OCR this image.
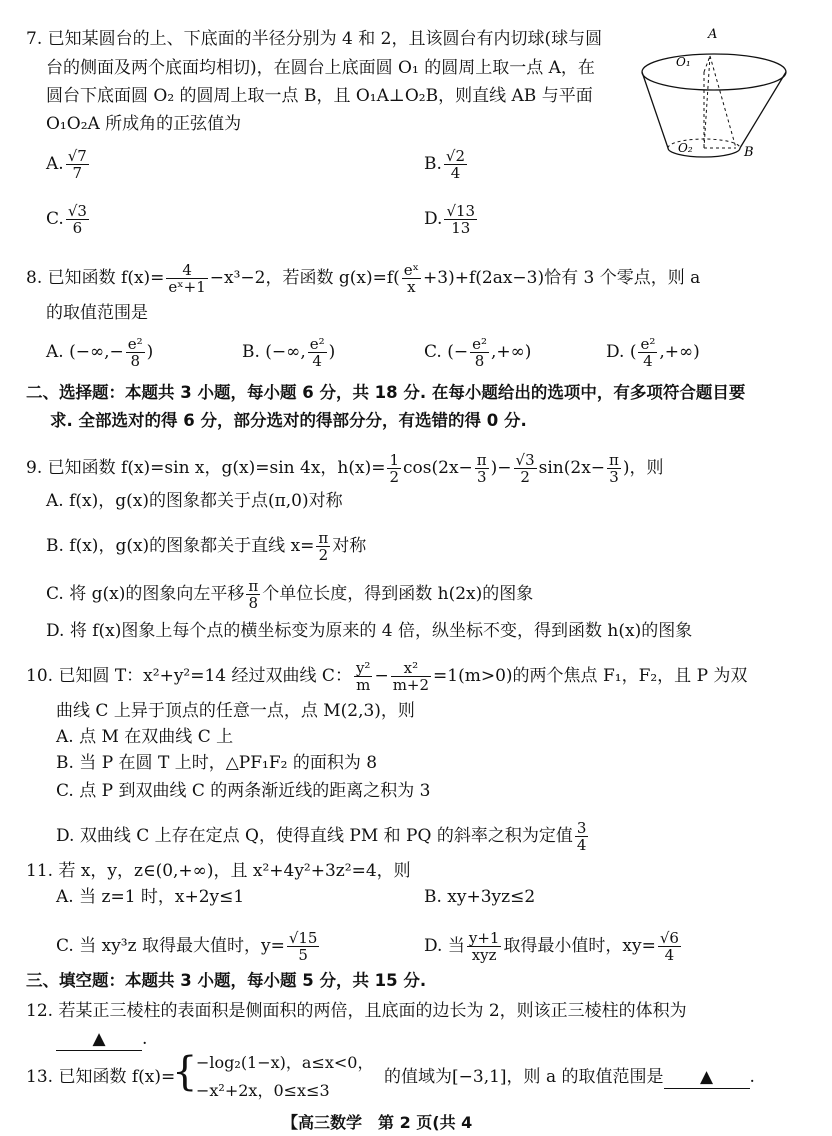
7. 已知某圆台的上、下底面的半径分别为 4 和 2，且该圆台有内切球(球与圆
台的侧面及两个底面均相切)，在圆台上底面圆 O₁ 的圆周上取一点 A，在
圆台下底面圆 O₂ 的圆周上取一点 B，且 O₁A⊥O₂B，则直线 AB 与平面
O₁O₂A 所成角的正弦值为
A
O₁
O₂	B
A. $\frac{√7}{7}$	B. $\frac{√2}{4}$
C. $\frac{√3}{6}$	D. $\frac{√13}{13}$
8. 已知函数 $f(x)= \frac{4}{\text{eˣ+1}} -x^3-2$，若函数 $g(x)=f( \frac{\text{eˣ}}{x} +3)+f(2ax-3)$恰有 3 个零点，则 a
的取值范围是
A. (−∞,− $\frac{\text{e²}}{8}$ )	B. (−∞, $\frac{\text{e²}}{4}$ )	C. (− $\frac{\text{e²}}{8}$ ,+∞)	D. ( $\frac{\text{e²}}{4}$ ,+∞)
二、选择题：本题共 3 小题，每小题 6 分，共 18 分. 在每小题给出的选项中，有多项符合题目要
求. 全部选对的得 6 分，部分选对的得部分分，有选错的得 0 分.
9. 已知函数 f(x)=sin x，g(x)=sin 4x，$h(x)= \frac{1}{2} \cos(2x- \frac{\pi}{3}$ )− $\frac{√3}{2} \sin(2x- \frac{\pi}{3}$ )，则
A. f(x)，g(x)的图象都关于点(π,0)对称
B. f(x)，g(x)的图象都关于直线 $x= \frac{\pi}{2}$ 对称
C. 将 g(x)的图象向左平移 $\frac{\pi}{8}$ 个单位长度，得到函数 h(2x)的图象
D. 将 f(x)图象上每个点的横坐标变为原来的 4 倍，纵坐标不变，得到函数 h(x)的图象
10. 已知圆 T：x²+y²=14 经过双曲线 C： $\frac{\text{y²}}{m} - \frac{\text{x²}}{m+2} =1(m>0)$的两个焦点 F₁，F₂，且 P 为双
曲线 C 上异于顶点的任意一点，点 M(2,3)，则
A. 点 M 在双曲线 C 上
B. 当 P 在圆 T 上时，△PF₁F₂ 的面积为 8
C. 点 P 到双曲线 C 的两条渐近线的距离之积为 3
D. 双曲线 C 上存在定点 Q，使得直线 PM 和 PQ 的斜率之积为定值 $\frac{3}{4}$
11. 若 x，y，z∈(0,+∞)，且 x²+4y²+3z²=4，则
A. 当 z=1 时，x+2y≤1	B. xy+3yz≤2
C. 当 xy³z 取得最大值时，$y= \frac{√15}{5}$	D. 当 $\frac{y+1}{\text{xyz}}$ 取得最小值时，$xy= \frac{√6}{4}$
三、填空题：本题共 3 小题，每小题 5 分，共 15 分.
12. 若某正三棱柱的表面积是侧面积的两倍，且底面的边长为 2，则该正三棱柱的体积为
▲ .
13. 已知函数 f(x)=
{
−log₂(1−x)，a≤x<0，
−x²+2x，0≤x≤3
的值域为[−3,1]，则 a 的取值范围是 ▲ .
【高三数学　第 2 页(共 4
